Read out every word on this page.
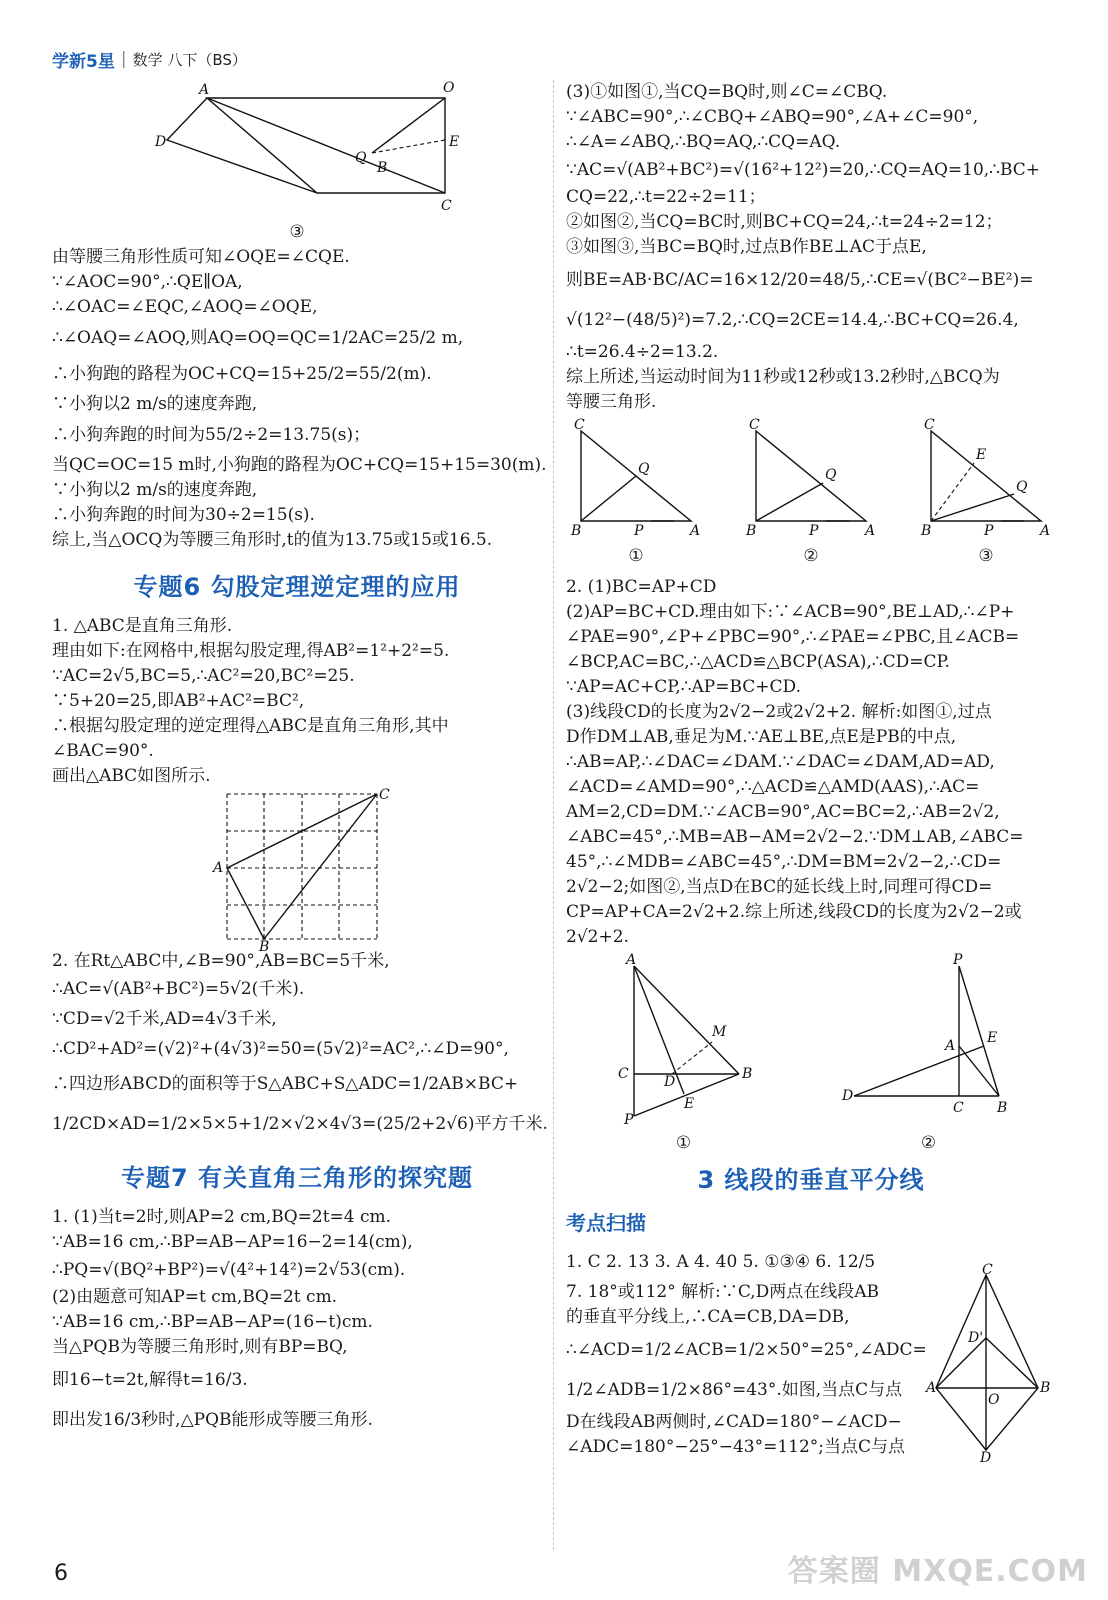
学新5星 | 数学 八下（BS）
A	O
D
Q
B
E
C

③

由等腰三角形性质可知∠OQE=∠CQE.

∵∠AOC=90°,∴QE∥OA,

∴∠OAC=∠EQC,∠AOQ=∠OQE,

∴∠OAQ=∠AOQ,则AQ=OQ=QC=1/2AC=25/2 m,

∴小狗跑的路程为OC+CQ=15+25/2=55/2(m).

∵小狗以2 m/s的速度奔跑,

∴小狗奔跑的时间为55/2÷2=13.75(s)；

当QC=OC=15 m时,小狗跑的路程为OC+CQ=15+15=30(m).

∵小狗以2 m/s的速度奔跑,

∴小狗奔跑的时间为30÷2=15(s).

综上,当△OCQ为等腰三角形时,t的值为13.75或15或16.5.

专题6 勾股定理逆定理的应用

1. △ABC是直角三角形.

理由如下:在网格中,根据勾股定理,得AB²=1²+2²=5.

∵AC=2√5,BC=5,∴AC²=20,BC²=25.

∵5+20=25,即AB²+AC²=BC²,

∴根据勾股定理的逆定理得△ABC是直角三角形,其中

∠BAC=90°.

画出△ABC如图所示.

A
C
B

2. 在Rt△ABC中,∠B=90°,AB=BC=5千米,

∴AC=√(AB²+BC²)=5√2(千米).

∵CD=√2千米,AD=4√3千米,

∴CD²+AD²=(√2)²+(4√3)²=50=(5√2)²=AC²,∴∠D=90°,

∴四边形ABCD的面积等于S△ABC+S△ADC=1/2AB×BC+

1/2CD×AD=1/2×5×5+1/2×√2×4√3=(25/2+2√6)平方千米.

专题7 有关直角三角形的探究题

1. (1)当t=2时,则AP=2 cm,BQ=2t=4 cm.

∵AB=16 cm,∴BP=AB−AP=16−2=14(cm),

∴PQ=√(BQ²+BP²)=√(4²+14²)=2√53(cm).

(2)由题意可知AP=t cm,BQ=2t cm.

∵AB=16 cm,∴BP=AB−AP=(16−t)cm.

当△PQB为等腰三角形时,则有BP=BQ,

即16−t=2t,解得t=16/3.

即出发16/3秒时,△PQB能形成等腰三角形.

(3)①如图①,当CQ=BQ时,则∠C=∠CBQ.

∵∠ABC=90°,∴∠CBQ+∠ABQ=90°,∠A+∠C=90°,

∴∠A=∠ABQ,∴BQ=AQ,∴CQ=AQ.

∵AC=√(AB²+BC²)=√(16²+12²)=20,∴CQ=AQ=10,∴BC+

CQ=22,∴t=22÷2=11；

②如图②,当CQ=BC时,则BC+CQ=24,∴t=24÷2=12；

③如图③,当BC=BQ时,过点B作BE⊥AC于点E,

则BE=AB·BC/AC=16×12/20=48/5,∴CE=√(BC²−BE²)=

√(12²−(48/5)²)=7.2,∴CQ=2CE=14.4,∴BC+CQ=26.4,

∴t=26.4÷2=13.2.

综上所述,当运动时间为11秒或12秒或13.2秒时,△BCQ为

等腰三角形.

C
Q
B	P	A
①
C
Q
B	P	A
②
C
E
Q
B	P	A
③

2. (1)BC=AP+CD

(2)AP=BC+CD.理由如下:∵∠ACB=90°,BE⊥AD,∴∠P+

∠PAE=90°,∠P+∠PBC=90°,∴∠PAE=∠PBC,且∠ACB=

∠BCP,AC=BC,∴△ACD≌△BCP(ASA),∴CD=CP.

∵AP=AC+CP,∴AP=BC+CD.

(3)线段CD的长度为2√2−2或2√2+2. 解析:如图①,过点

D作DM⊥AB,垂足为M.∵AE⊥BE,点E是PB的中点,

∴AB=AP,∴∠DAC=∠DAM.∵∠DAC=∠DAM,AD=AD,

∠ACD=∠AMD=90°,∴△ACD≌△AMD(AAS),∴AC=

AM=2,CD=DM.∵∠ACB=90°,AC=BC=2,∴AB=2√2,

∠ABC=45°,∴MB=AB−AM=2√2−2.∵DM⊥AB,∠ABC=

45°,∴∠MDB=∠ABC=45°,∴DM=BM=2√2−2,∴CD=

2√2−2;如图②,当点D在BC的延长线上时,同理可得CD=

CP=AP+CA=2√2+2.综上所述,线段CD的长度为2√2−2或

2√2+2.

A
M
C	D	B
E
P
①
P
E
A
D
C B
②
3 线段的垂直平分线
考点扫描

1. C 2. 13 3. A 4. 40 5. ①③④ 6. 12/5

7. 18°或112° 解析:∵C,D两点在线段AB

的垂直平分线上,∴CA=CB,DA=DB,

∴∠ACD=1/2∠ACB=1/2×50°=25°,∠ADC=

1/2∠ADB=1/2×86°=43°.如图,当点C与点

D在线段AB两侧时,∠CAD=180°−∠ACD−

∠ADC=180°−25°−43°=112°;当点C与点

C
D'
A	B
O
D
6	答案圈 MXQE.COM
